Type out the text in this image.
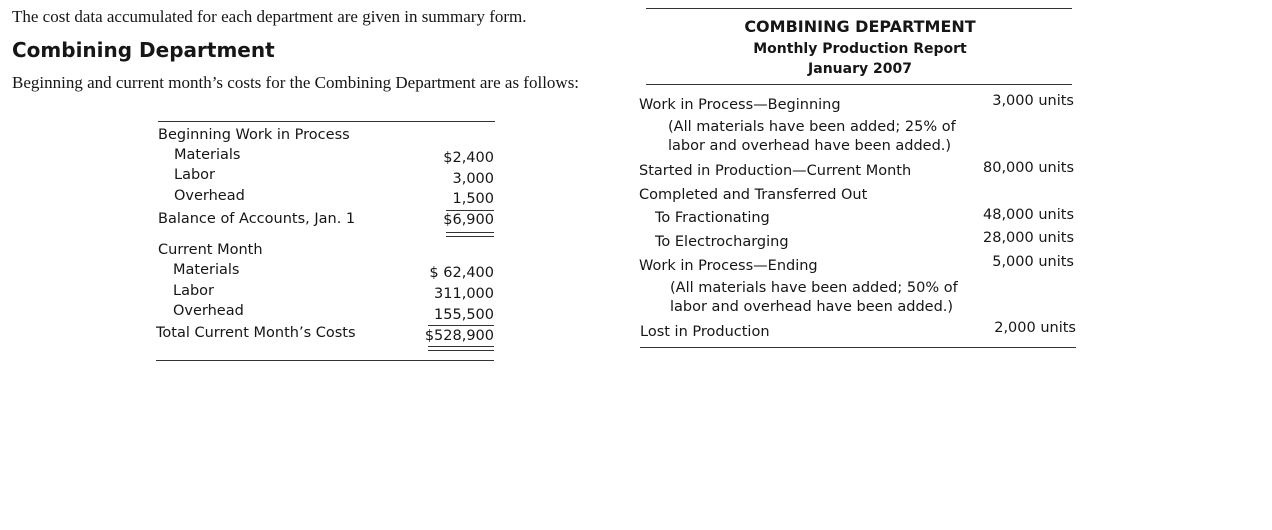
The cost data accumulated for each department are given in summary form.
Combining Department
Beginning and current month’s costs for the Combining Department are as follows:
Beginning Work in Process
Materials	$2,400
Labor	3,000
Overhead	1,500
Balance of Accounts, Jan. 1	$6,900
Current Month
Materials	$ 62,400
Labor	311,000
Overhead	155,500
Total Current Month’s Costs	$528,900
COMBINING DEPARTMENT
Monthly Production Report
January 2007
Work in Process—Beginning	3,000 units
(All materials have been added; 25% of
labor and overhead have been added.)
Started in Production—Current Month	80,000 units
Completed and Transferred Out
To Fractionating	48,000 units
To Electrocharging	28,000 units
Work in Process—Ending	5,000 units
(All materials have been added; 50% of
labor and overhead have been added.)
Lost in Production	2,000 units
